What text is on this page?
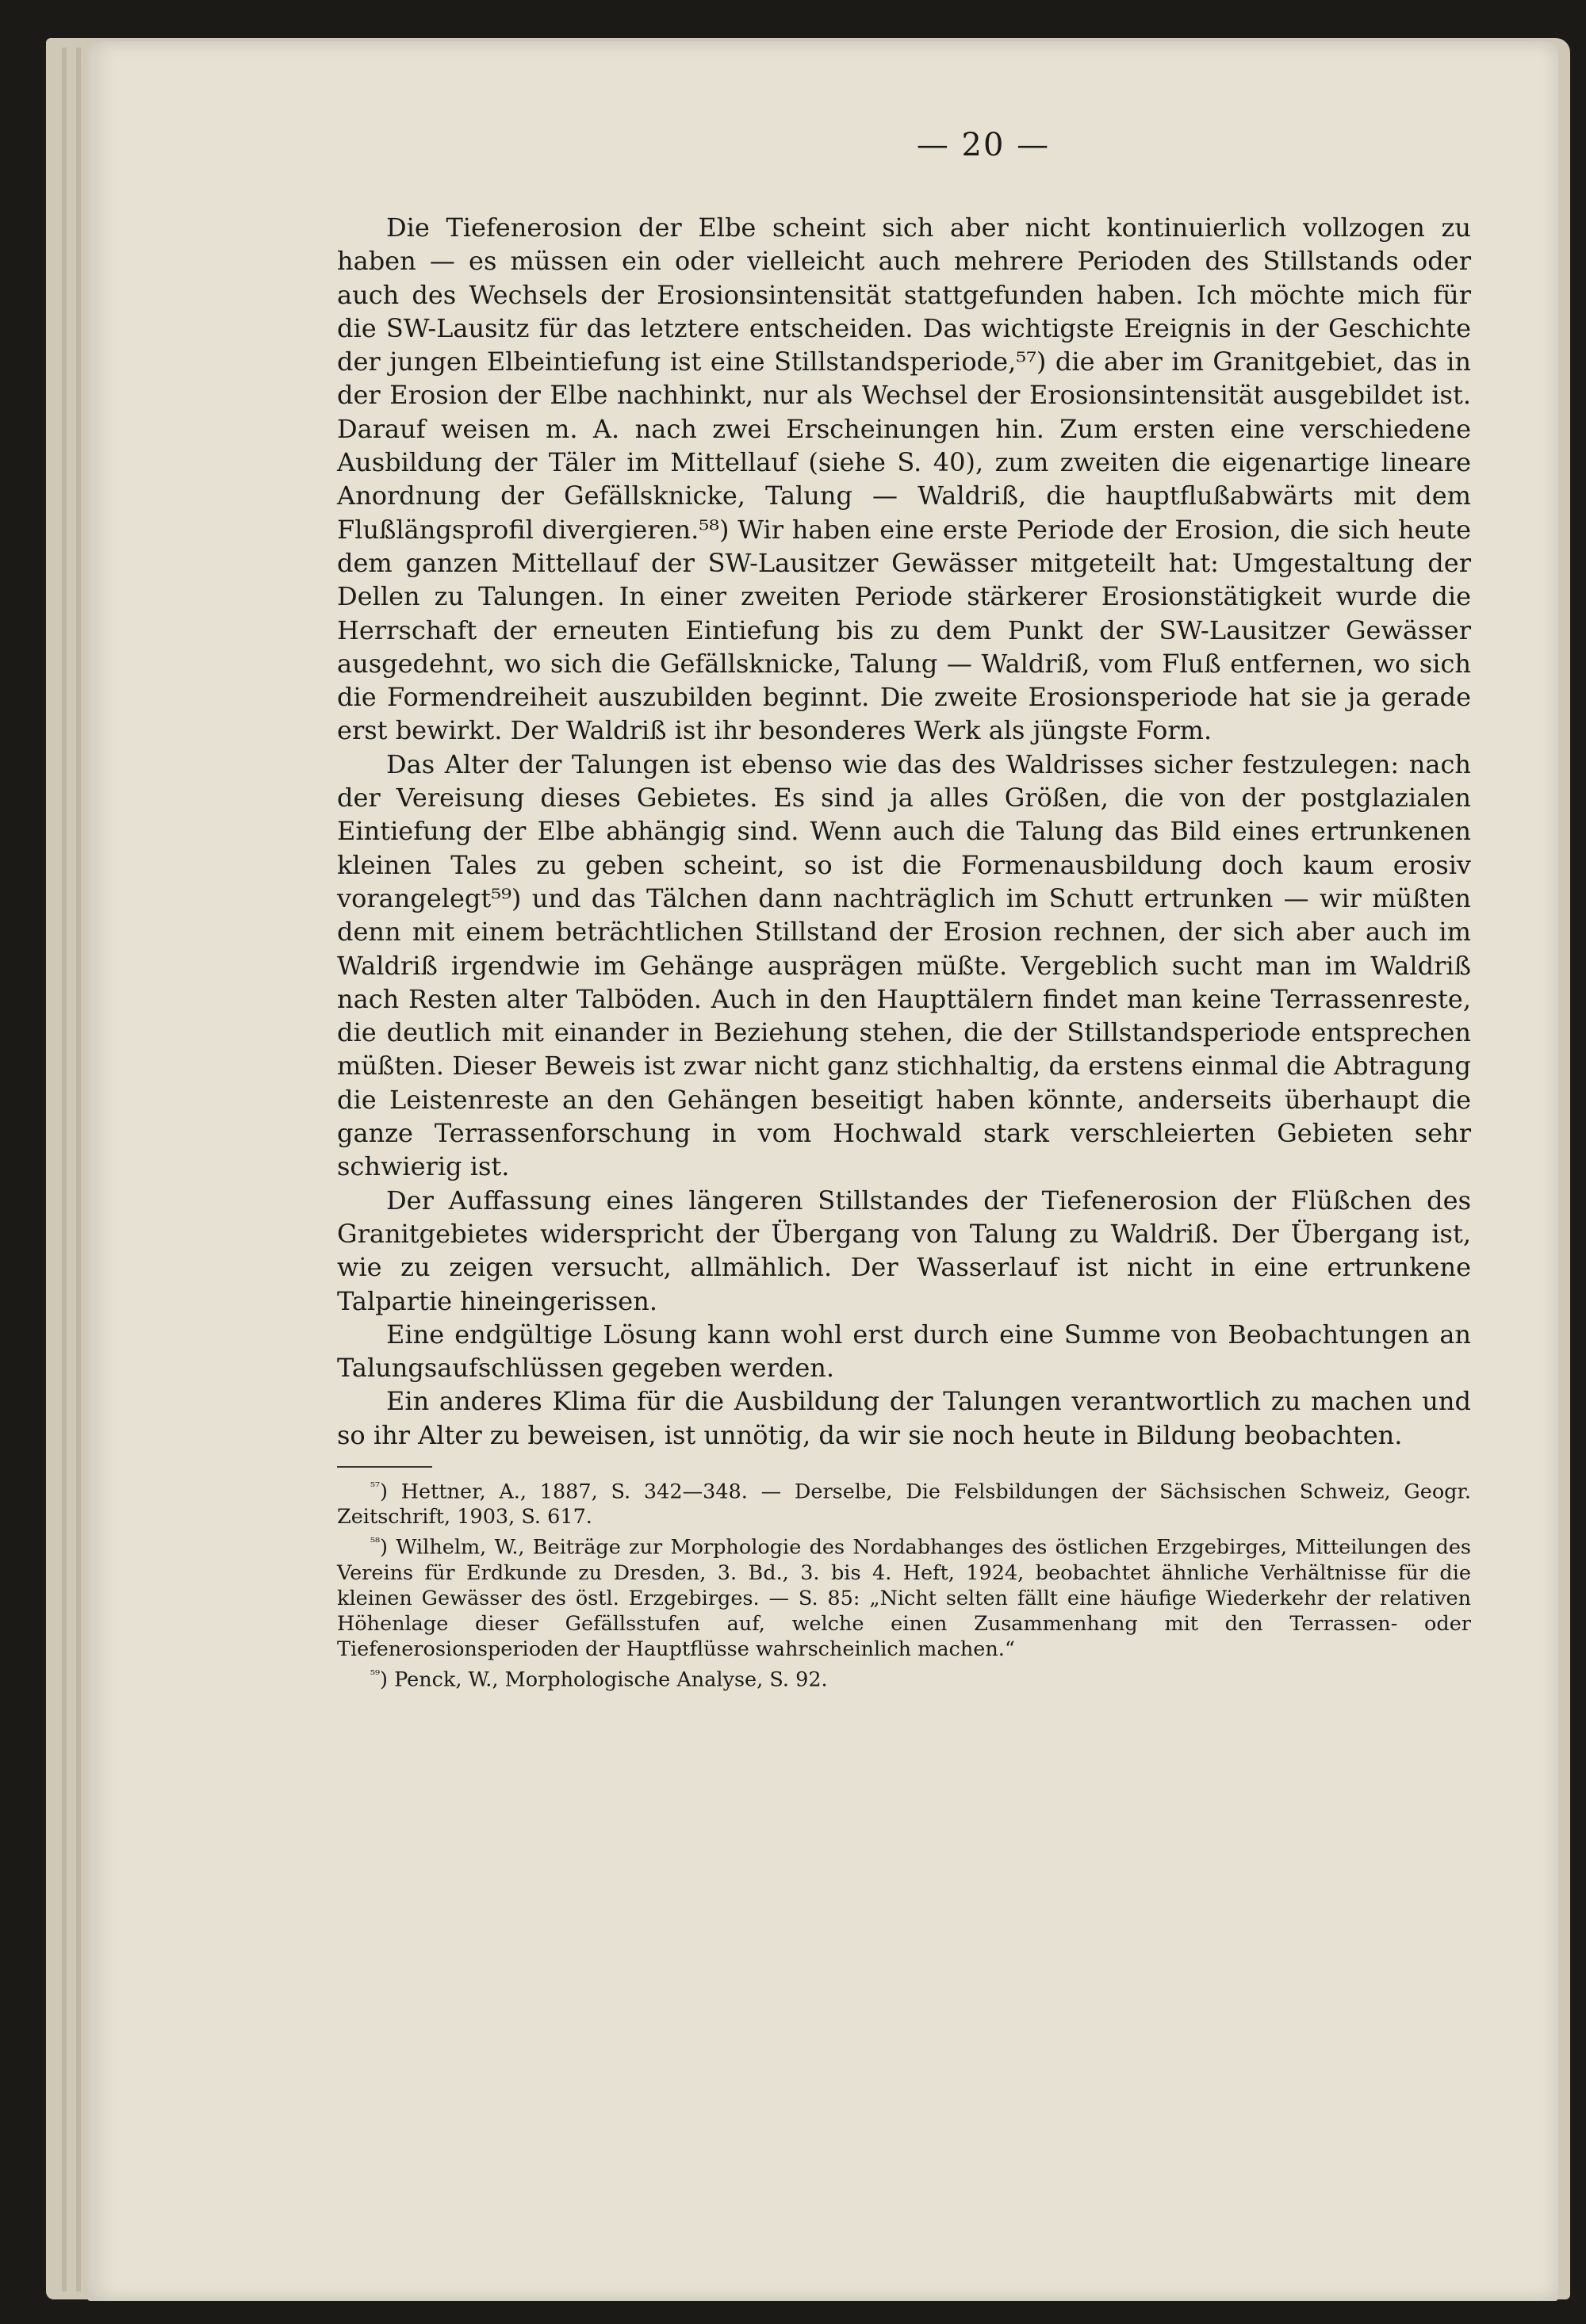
— 20 —

Die Tiefenerosion der Elbe scheint sich aber nicht kontinuierlich vollzogen zu haben — es müssen ein oder vielleicht auch mehrere Perioden des Stillstands oder auch des Wechsels der Erosionsintensität stattgefunden haben. Ich möchte mich für die SW-Lausitz für das letztere entscheiden. Das wichtigste Ereignis in der Geschichte der jungen Elbeintiefung ist eine Stillstandsperiode,⁵⁷) die aber im Granitgebiet, das in der Erosion der Elbe nachhinkt, nur als Wechsel der Erosionsintensität ausgebildet ist. Darauf weisen m. A. nach zwei Erscheinungen hin. Zum ersten eine verschiedene Ausbildung der Täler im Mittellauf (siehe S. 40), zum zweiten die eigenartige lineare Anordnung der Gefällsknicke, Talung — Waldriß, die hauptflußabwärts mit dem Flußlängsprofil divergieren.⁵⁸) Wir haben eine erste Periode der Erosion, die sich heute dem ganzen Mittellauf der SW-Lausitzer Gewässer mitgeteilt hat: Umgestaltung der Dellen zu Talungen. In einer zweiten Periode stärkerer Erosionstätigkeit wurde die Herrschaft der erneuten Eintiefung bis zu dem Punkt der SW-Lausitzer Gewässer ausgedehnt, wo sich die Gefällsknicke, Talung — Waldriß, vom Fluß entfernen, wo sich die Formendreiheit auszubilden beginnt. Die zweite Erosionsperiode hat sie ja gerade erst bewirkt. Der Waldriß ist ihr besonderes Werk als jüngste Form.

Das Alter der Talungen ist ebenso wie das des Waldrisses sicher festzulegen: nach der Vereisung dieses Gebietes. Es sind ja alles Größen, die von der postglazialen Eintiefung der Elbe abhängig sind. Wenn auch die Talung das Bild eines ertrunkenen kleinen Tales zu geben scheint, so ist die Formenausbildung doch kaum erosiv vorangelegt⁵⁹) und das Tälchen dann nachträglich im Schutt ertrunken — wir müßten denn mit einem beträchtlichen Stillstand der Erosion rechnen, der sich aber auch im Waldriß irgendwie im Gehänge ausprägen müßte. Vergeblich sucht man im Waldriß nach Resten alter Talböden. Auch in den Haupttälern findet man keine Terrassenreste, die deutlich mit einander in Beziehung stehen, die der Stillstandsperiode entsprechen müßten. Dieser Beweis ist zwar nicht ganz stichhaltig, da erstens einmal die Abtragung die Leistenreste an den Gehängen beseitigt haben könnte, anderseits überhaupt die ganze Terrassenforschung in vom Hochwald stark verschleierten Gebieten sehr schwierig ist.

Der Auffassung eines längeren Stillstandes der Tiefenerosion der Flüßchen des Granitgebietes widerspricht der Übergang von Talung zu Waldriß. Der Übergang ist, wie zu zeigen versucht, allmählich. Der Wasserlauf ist nicht in eine ertrunkene Talpartie hineingerissen.

Eine endgültige Lösung kann wohl erst durch eine Summe von Beobachtungen an Talungsaufschlüssen gegeben werden.

Ein anderes Klima für die Ausbildung der Talungen verantwortlich zu machen und so ihr Alter zu beweisen, ist unnötig, da wir sie noch heute in Bildung beobachten.

$^{^{57}}$) Hettner, A., 1887, S. 342—348. — Derselbe, Die Felsbildungen der Sächsischen Schweiz, Geogr. Zeitschrift, 1903, S. 617.

$^{^{58}}$) Wilhelm, W., Beiträge zur Morphologie des Nordabhanges des östlichen Erzgebirges, Mitteilungen des Vereins für Erdkunde zu Dresden, 3. Bd., 3. bis 4. Heft, 1924, beobachtet ähnliche Verhältnisse für die kleinen Gewässer des östl. Erzgebirges. — S. 85: „Nicht selten fällt eine häufige Wiederkehr der relativen Höhenlage dieser Gefällsstufen auf, welche einen Zusammenhang mit den Terrassen- oder Tiefenerosionsperioden der Hauptflüsse wahrscheinlich machen.“

$^{^{59}}$) Penck, W., Morphologische Analyse, S. 92.
